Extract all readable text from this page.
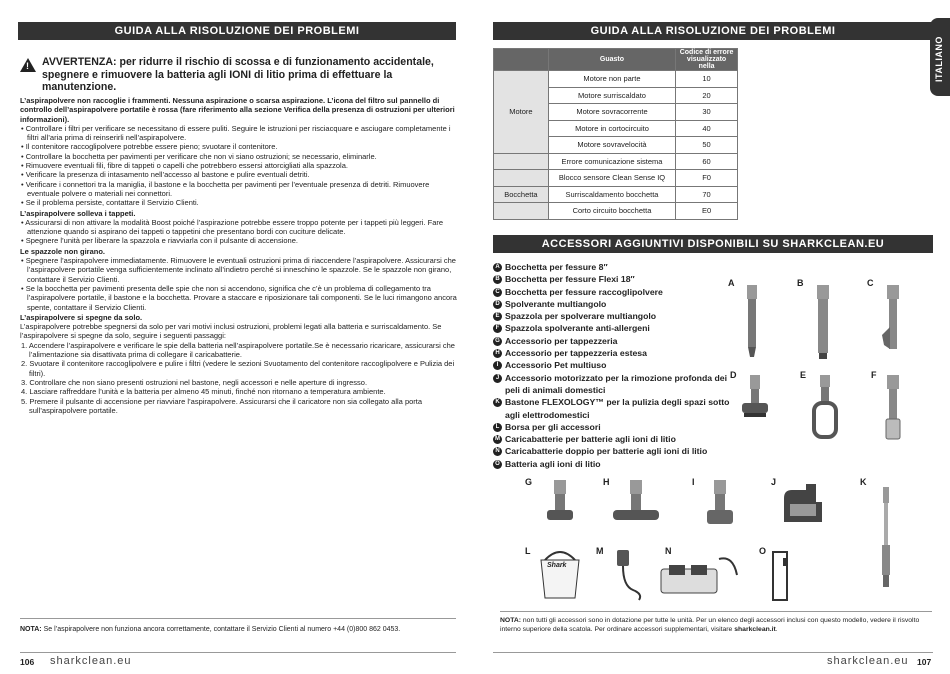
GUIDA ALLA RISOLUZIONE DEI PROBLEMI
! AVVERTENZA: per ridurre il rischio di scossa e di funzionamento accidentale, spegnere e rimuovere la batteria agli IONI di litio prima di effettuare la manutenzione.
L’aspirapolvere non raccoglie i frammenti. Nessuna aspirazione o scarsa aspirazione. L’icona del filtro sul pannello di controllo dell’aspirapolvere portatile è rossa (fare riferimento alla sezione Verifica della presenza di ostruzioni per ulteriori informazioni).
• Controllare i filtri per verificare se necessitano di essere puliti. Seguire le istruzioni per risciacquare e asciugare completamente i filtri all’aria prima di reinserirli nell’aspirapolvere.
• Il contenitore raccoglipolvere potrebbe essere pieno; svuotare il contenitore.
• Controllare la bocchetta per pavimenti per verificare che non vi siano ostruzioni; se necessario, eliminarle.
• Rimuovere eventuali fili, fibre di tappeti o capelli che potrebbero essersi attorcigliati alla spazzola.
• Verificare la presenza di intasamento nell’accesso al bastone e pulire eventuali detriti.
• Verificare i connettori tra la maniglia, il bastone e la bocchetta per pavimenti per l’eventuale presenza di detriti. Rimuovere eventuale polvere o materiali nei connettori.
• Se il problema persiste, contattare il Servizio Clienti.
L’aspirapolvere solleva i tappeti.
• Assicurarsi di non attivare la modalità Boost poiché l’aspirazione potrebbe essere troppo potente per i tappeti più leggeri. Fare attenzione quando si aspirano dei tappeti o tappetini che presentano bordi con cuciture delicate.
• Spegnere l’unità per liberare la spazzola e riavviarla con il pulsante di accensione.
Le spazzole non girano.
• Spegnere l’aspirapolvere immediatamente. Rimuovere le eventuali ostruzioni prima di riaccendere l’aspirapolvere. Assicurarsi che l’aspirapolvere portatile venga sufficientemente inclinato all’indietro perché si inneschino le spazzole. Se le spazzole non girano, contattare il Servizio Clienti.
• Se la bocchetta per pavimenti presenta delle spie che non si accendono, significa che c’è un problema di collegamento tra l’aspirapolvere portatile, il bastone e la bocchetta. Provare a staccare e riposizionare tali componenti. Se le luci rimangono ancora spente, contattare il Servizio Clienti.
L’aspirapolvere si spegne da solo.
L’aspirapolvere potrebbe spegnersi da solo per vari motivi inclusi ostruzioni, problemi legati alla batteria e surriscaldamento. Se l’aspirapolvere si spegne da solo, seguire i seguenti passaggi:
1. Accendere l’aspirapolvere e verificare le spie della batteria nell’aspirapolvere portatile.Se è necessario ricaricare, assicurarsi che l’alimentazione sia disattivata prima di collegare il caricabatterie.
2. Svuotare il contenitore raccoglipolvere e pulire i filtri (vedere le sezioni Svuotamento del contenitore raccoglipolvere e Pulizia dei filtri).
3. Controllare che non siano presenti ostruzioni nel bastone, negli accessori e nelle aperture di ingresso.
4. Lasciare raffreddare l’unità e la batteria per almeno 45 minuti, finché non ritornano a temperatura ambiente.
5. Premere il pulsante di accensione per riavviare l’aspirapolvere. Assicurarsi che il caricatore non sia collegato alla porta sull’aspirapolvere portatile.
NOTA: Se l’aspirapolvere non funziona ancora correttamente, contattare il Servizio Clienti al numero +44 (0)800 862 0453.
106 sharkclean.eu
GUIDA ALLA RISOLUZIONE DEI PROBLEMI
ITALIANO
	Guasto	Codice di errore visualizzato nella
Motore	Motore non parte	10
	Motore surriscaldato	20
	Motore sovracorrente	30
	Motore in cortocircuito	40
	Motore sovravelocità	50
	Errore comunicazione sistema	60
	Blocco sensore Clean Sense IQ	F0
Bocchetta	Surriscaldamento bocchetta	70
	Corto circuito bocchetta	E0
ACCESSORI AGGIUNTIVI DISPONIBILI SU SHARKCLEAN.EU
A Bocchetta per fessure 8″
B Bocchetta per fessure Flexi 18″
C Bocchetta per fessure raccoglipolvere
D Spolverante multiangolo
E Spazzola per spolverare multiangolo
F Spazzola spolverante anti-allergeni
G Accessorio per tappezzeria
H Accessorio per tappezzeria estesa
I Accessorio Pet multiuso
J Accessorio motorizzato per la rimozione profonda dei peli di animali domestici
K Bastone FLEXOLOGY™ per la pulizia degli spazi sotto agli elettrodomestici
L Borsa per gli accessori
M Caricabatterie per batterie agli ioni di litio
N Caricabatterie doppio per batterie agli ioni di litio
O Batteria agli ioni di litio
A	B	C
D	E	F
G	H	I	J	K
L	M	N	O
Shark
NOTA: non tutti gli accessori sono in dotazione per tutte le unità. Per un elenco degli accessori inclusi con questo modello, vedere il risvolto interno superiore della scatola. Per ordinare accessori supplementari, visitare sharkclean.it.
sharkclean.eu 107
